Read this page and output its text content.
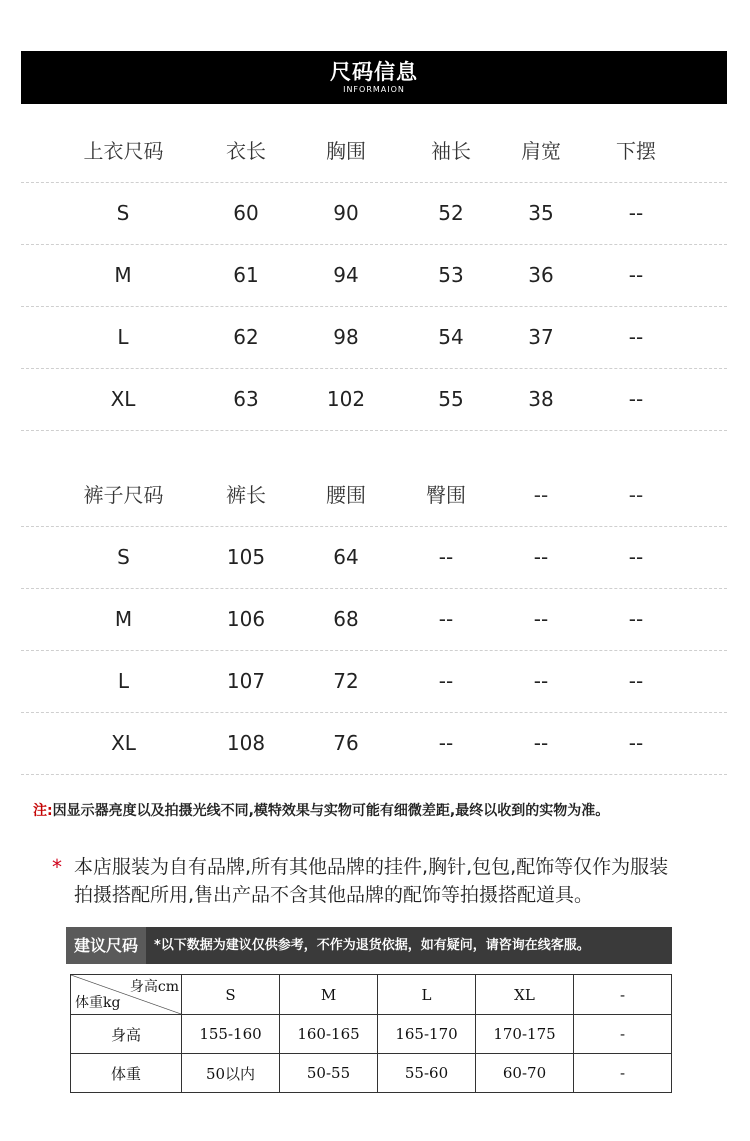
尺码信息
INFORMAION
上衣尺码	衣长	胸围	袖长	肩宽	下摆
S	60	90	52	35	--
M	61	94	53	36	--
L	62	98	54	37	--
XL	63	102	55	38	--
裤子尺码	裤长	腰围	臀围	--	--
S	105	64	--	--	--
M	106	68	--	--	--
L	107	72	--	--	--
XL	108	76	--	--	--
注:因显示器亮度以及拍摄光线不同,模特效果与实物可能有细微差距,最终以收到的实物为准。
* 本店服装为自有品牌,所有其他品牌的挂件,胸针,包包,配饰等仅作为服装
拍摄搭配所用,售出产品不含其他品牌的配饰等拍摄搭配道具。
建议尺码	*以下数据为建议仅供参考，不作为退货依据，如有疑问，请咨询在线客服。
身高cm
体重kg	S	M	L	XL	-
身高	155-160	160-165	165-170	170-175	-
体重	50以内	50-55	55-60	60-70	-
